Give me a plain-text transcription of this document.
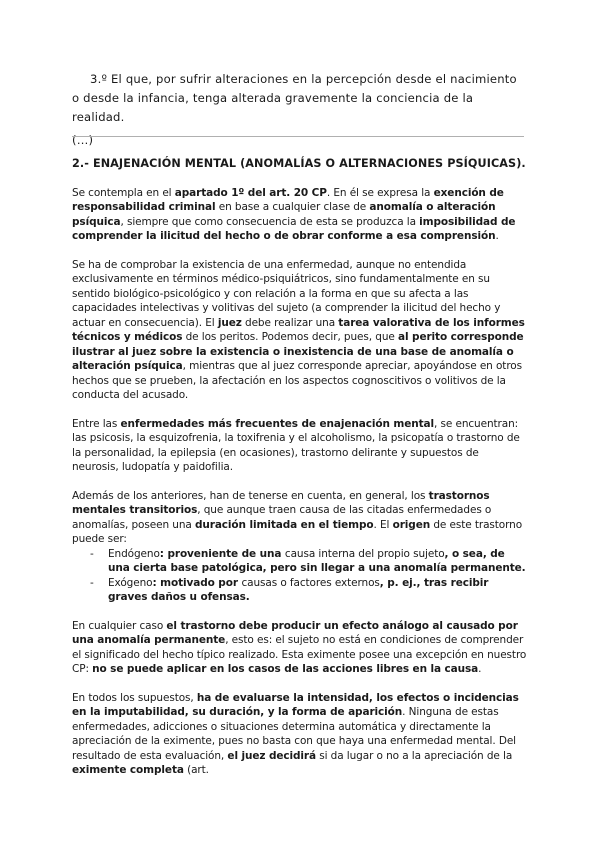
3.º El que, por sufrir alteraciones en la percepción desde el nacimiento o desde la infancia, tenga alterada gravemente la conciencia de la realidad.

(…)

2.- ENAJENACIÓN MENTAL (ANOMALÍAS O ALTERNACIONES PSÍQUICAS).

Se contempla en el apartado 1º del art. 20 CP. En él se expresa la exención de responsabilidad criminal en base a cualquier clase de anomalía o alteración psíquica, siempre que como consecuencia de esta se produzca la imposibilidad de comprender la ilicitud del hecho o de obrar conforme a esa comprensión.

Se ha de comprobar la existencia de una enfermedad, aunque no entendida exclusivamente en términos médico-psiquiátricos, sino fundamentalmente en su sentido biológico-psicológico y con relación a la forma en que su afecta a las capacidades intelectivas y volitivas del sujeto (a comprender la ilicitud del hecho y actuar en consecuencia). El juez debe realizar una tarea valorativa de los informes técnicos y médicos de los peritos. Podemos decir, pues, que al perito corresponde ilustrar al juez sobre la existencia o inexistencia de una base de anomalía o alteración psíquica, mientras que al juez corresponde apreciar, apoyándose en otros hechos que se prueben, la afectación en los aspectos cognoscitivos o volitivos de la conducta del acusado.

Entre las enfermedades más frecuentes de enajenación mental, se encuentran: las psicosis, la esquizofrenia, la toxifrenia y el alcoholismo, la psicopatía o trastorno de la personalidad, la epilepsia (en ocasiones), trastorno delirante y supuestos de neurosis, ludopatía y paidofilia.

Además de los anteriores, han de tenerse en cuenta, en general, los trastornos mentales transitorios, que aunque traen causa de las citadas enfermedades o anomalías, poseen una duración limitada en el tiempo. El origen de este trastorno puede ser:

- Endógeno: proveniente de una causa interna del propio sujeto, o sea, de una cierta base patológica, pero sin llegar a una anomalía permanente.
- Exógeno: motivado por causas o factores externos, p. ej., tras recibir graves daños u ofensas.

En cualquier caso el trastorno debe producir un efecto análogo al causado por una anomalía permanente, esto es: el sujeto no está en condiciones de comprender el significado del hecho típico realizado. Esta eximente posee una excepción en nuestro CP: no se puede aplicar en los casos de las acciones libres en la causa.

En todos los supuestos, ha de evaluarse la intensidad, los efectos o incidencias en la imputabilidad, su duración, y la forma de aparición. Ninguna de estas enfermedades, adicciones o situaciones determina automática y directamente la apreciación de la eximente, pues no basta con que haya una enfermedad mental. Del resultado de esta evaluación, el juez decidirá si da lugar o no a la apreciación de la eximente completa (art.
